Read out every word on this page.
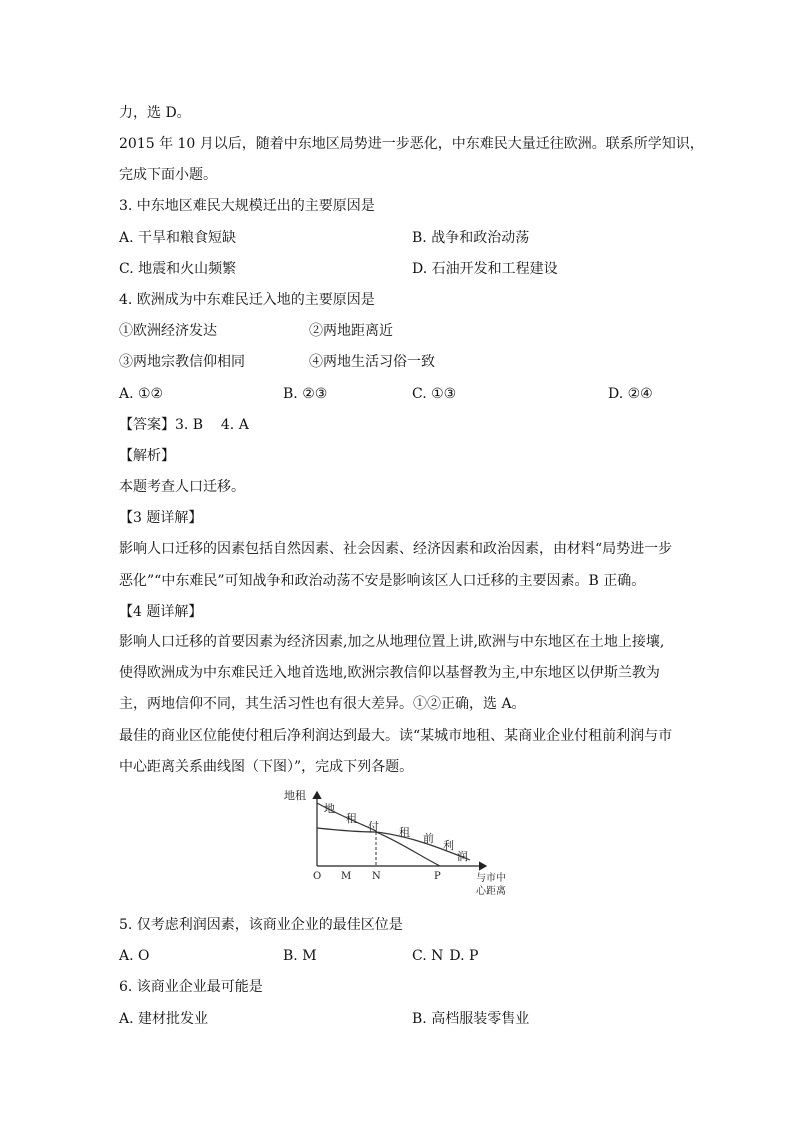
力，选 D。
2015 年 10 月以后，随着中东地区局势进一步恶化，中东难民大量迁往欧洲。联系所学知识，
完成下面小题。
3. 中东地区难民大规模迁出的主要原因是
A. 干旱和粮食短缺	B. 战争和政治动荡
C. 地震和火山频繁	D. 石油开发和工程建设
4. 欧洲成为中东难民迁入地的主要原因是
①欧洲经济发达	②两地距离近
③两地宗教信仰相同	④两地生活习俗一致
A. ①②	B. ②③	C. ①③	D. ②④
【答案】3. B    4. A
【解析】
本题考查人口迁移。
【3 题详解】
影响人口迁移的因素包括自然因素、社会因素、经济因素和政治因素，由材料“局势进一步
恶化”“中东难民”可知战争和政治动荡不安是影响该区人口迁移的主要因素。B 正确。
【4 题详解】
影响人口迁移的首要因素为经济因素,加之从地理位置上讲,欧洲与中东地区在土地上接壤,
使得欧洲成为中东难民迁入地首选地,欧洲宗教信仰以基督教为主,中东地区以伊斯兰教为
主，两地信仰不同，其生活习性也有很大差异。①②正确，选 A。
最佳的商业区位能使付租后净利润达到最大。读“某城市地租、某商业企业付租前利润与市
中心距离关系曲线图（下图）”，完成下列各题。
地租
地
租
付 租 前
利
润
O M N	P	与市中
心距离
5. 仅考虑利润因素，该商业企业的最佳区位是
A. O	B. M	C. N D. P
6. 该商业企业最可能是
A. 建材批发业	B. 高档服装零售业
